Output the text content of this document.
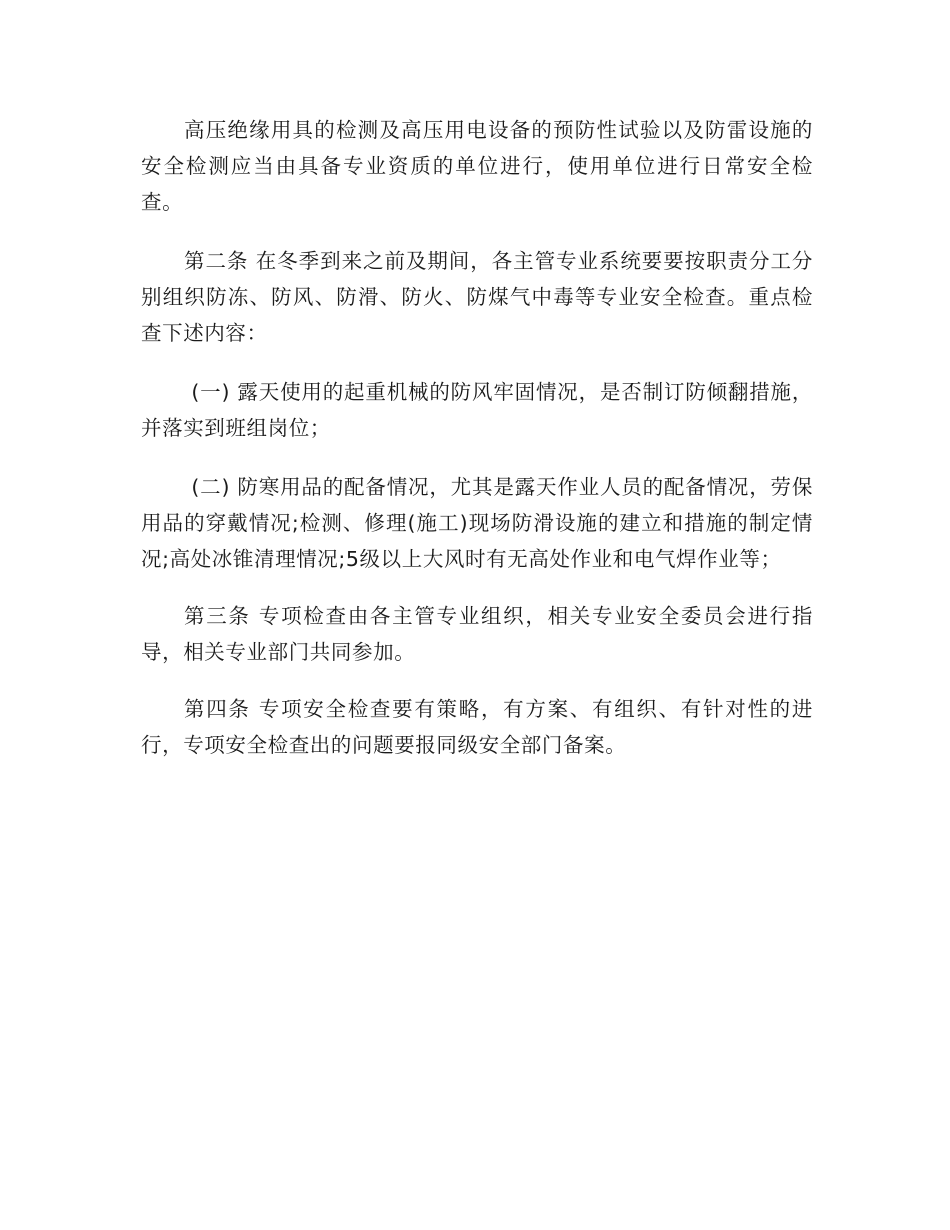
高压绝缘用具的检测及高压用电设备的预防性试验以及防雷设施的安全检测应当由具备专业资质的单位进行，使用单位进行日常安全检查。

第二条 在冬季到来之前及期间，各主管专业系统要要按职责分工分别组织防冻、防风、防滑、防火、防煤气中毒等专业安全检查。重点检查下述内容：

(一) 露天使用的起重机械的防风牢固情况，是否制订防倾翻措施，并落实到班组岗位；

(二) 防寒用品的配备情况，尤其是露天作业人员的配备情况，劳保用品的穿戴情况;检测、修理(施工)现场防滑设施的建立和措施的制定情况;高处冰锥清理情况;5级以上大风时有无高处作业和电气焊作业等；

第三条 专项检查由各主管专业组织，相关专业安全委员会进行指导，相关专业部门共同参加。

第四条 专项安全检查要有策略，有方案、有组织、有针对性的进行，专项安全检查出的问题要报同级安全部门备案。
